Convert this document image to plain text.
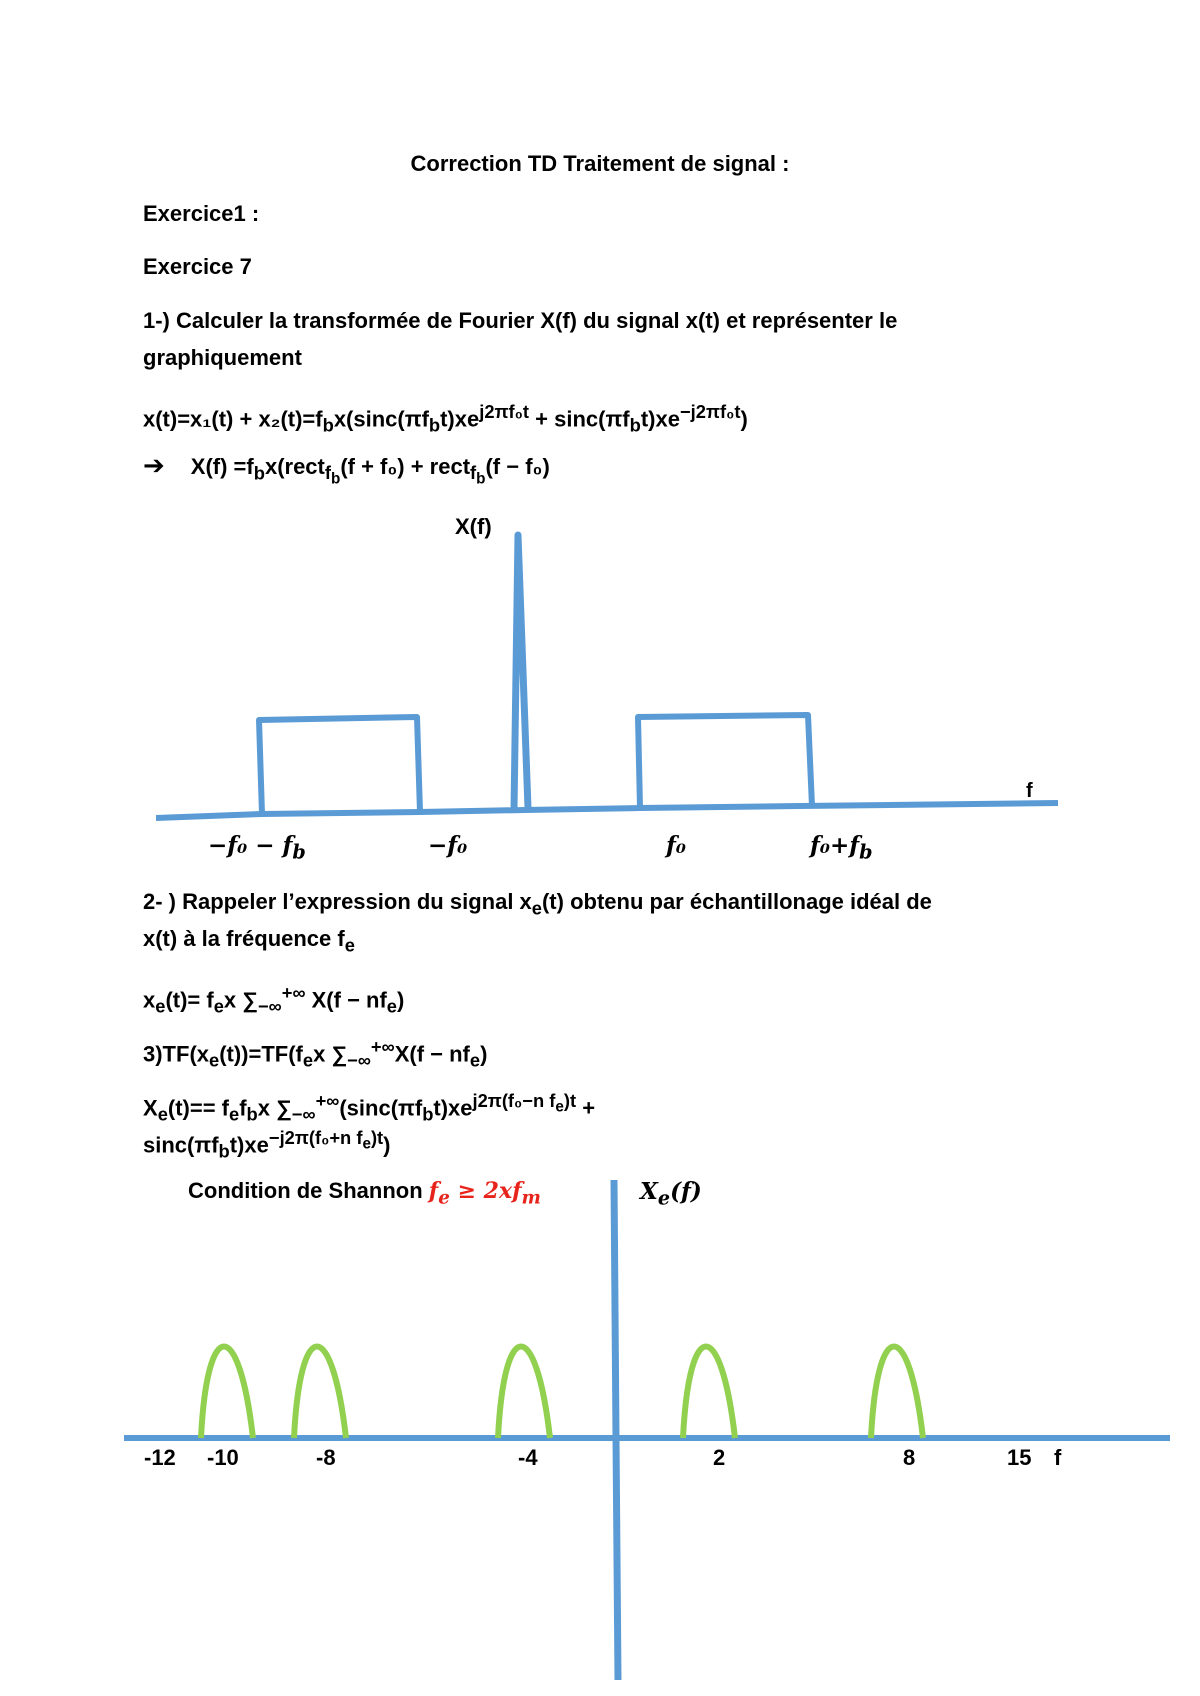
Correction TD Traitement de signal :

Exercice1 :

Exercice 7

1-) Calculer la transformée de Fourier X(f) du signal x(t) et représenter le

graphiquement

$x(t)=x_1(t) + x_2(t)=f_bx(\sin c(\pi f_bt)xe^{j2\pi f_0t} + \sin c(\pi f_bt)xe^{-j2\pi f_0t})$

➔ $X(f) =f_bx(rect_{f_b}(f + f_0)$ + rect$_{f_b}$(f − f₀)

X(f)
f
$-f_0 - f_b$	−f₀	f₀	$f_0+f_b$

2- ) Rappeler l’expression du signal $x_e(t)$ obtenu par échantillonage idéal de

x(t) à la fréquence $f_e$

$x_e(t)= f_ex$ $\sum_{-\infty}^{+\infty}$ $X(f - nf_e)$

$3)TF(x_e(t))=TF(f_ex$ $\sum_{-\infty}^{+\infty}X(f - nf_e)$

$X_e(t)== f_ef_bx$ $\sum_{-\infty}^{+\infty}(\sin c(\pi f_bt)xe^{j2\pi(f_0-n f_e)t}$ +

$\sin c(\pi f_bt)xe^{-j2\pi(f_0+n f_e)t}$)

Condition de Shannon $f_e \ge 2xf_m$	$X_e(f)$
-12 -10	-8	-4	2	8	15 f
